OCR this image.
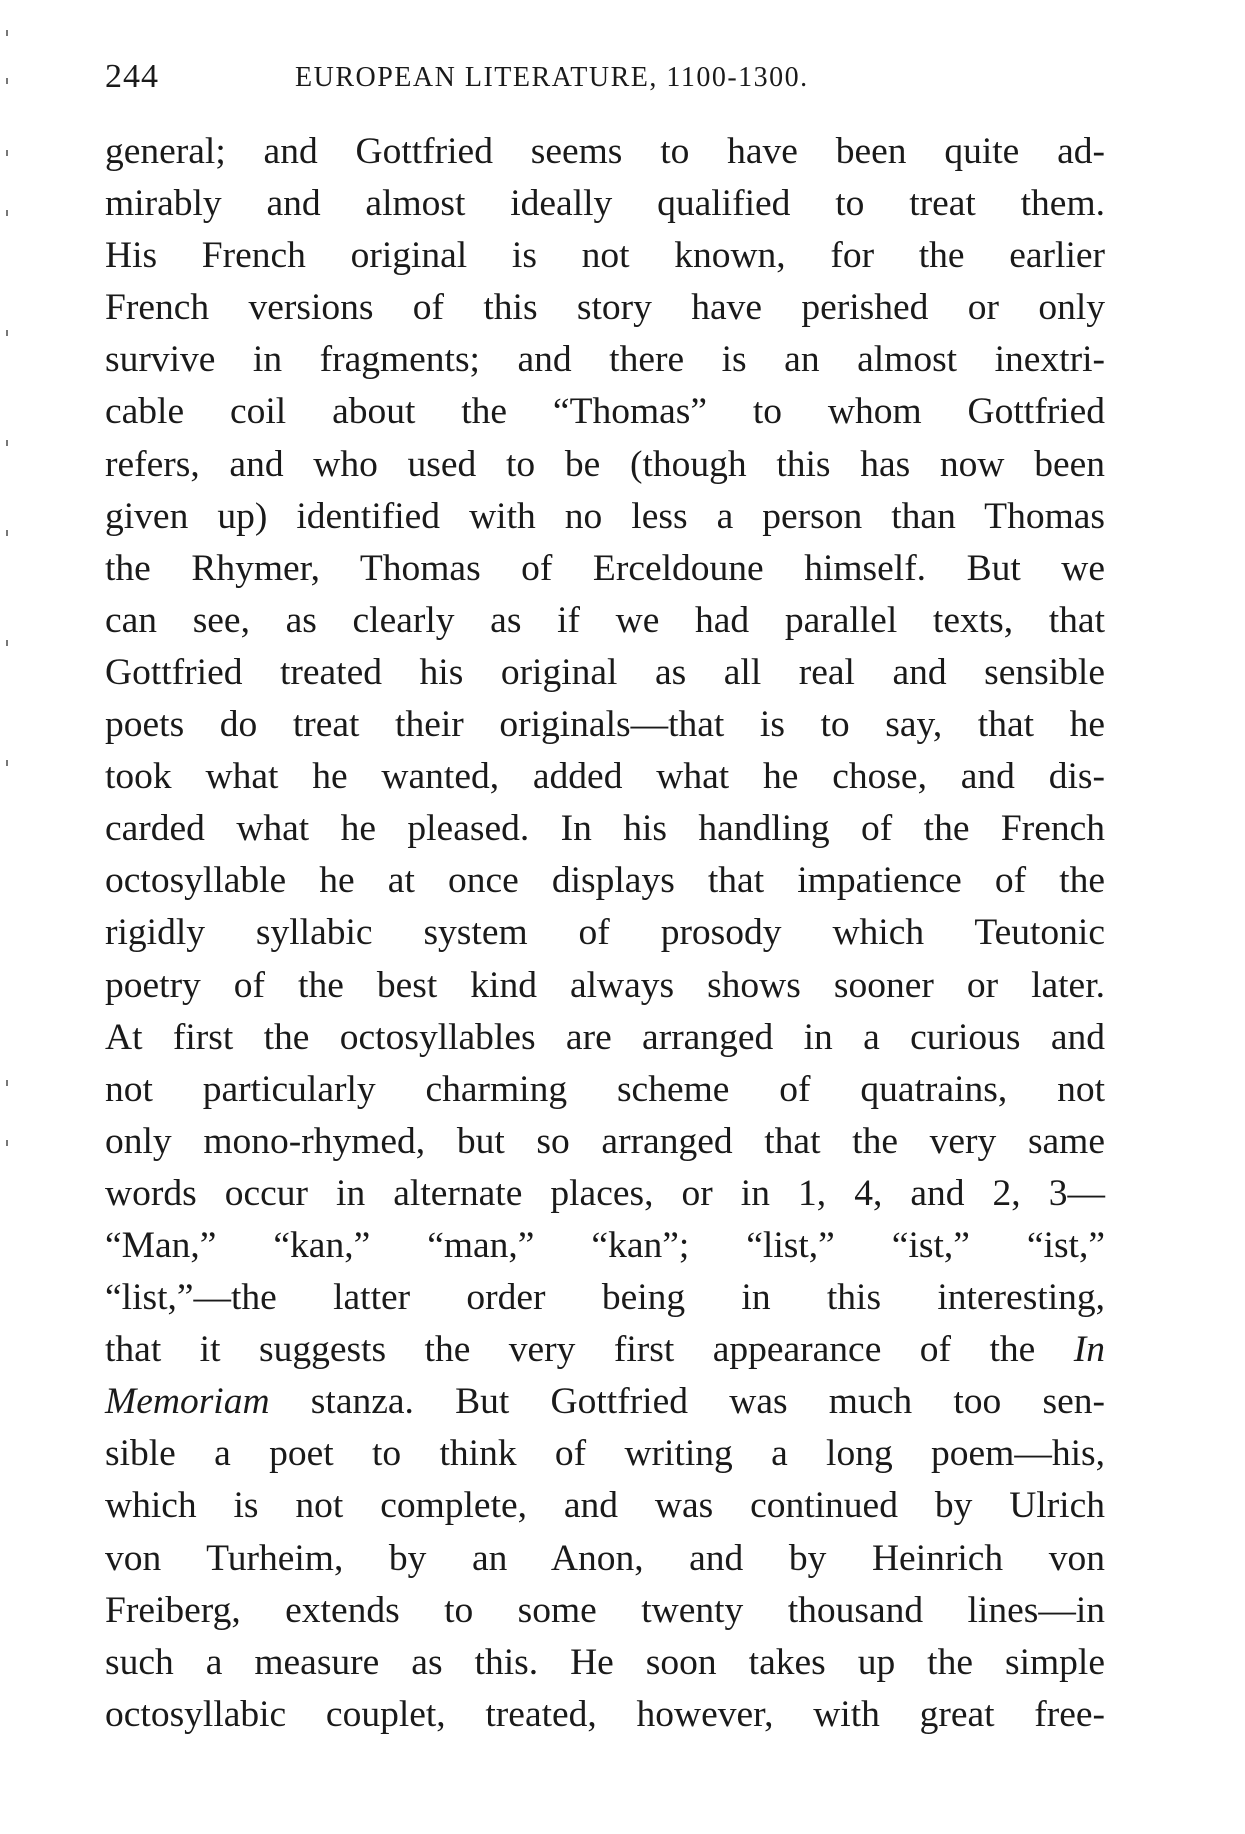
244	EUROPEAN LITERATURE, 1100-1300.
general; and Gottfried seems to have been quite ad-
mirably and almost ideally qualified to treat them.
His French original is not known, for the earlier
French versions of this story have perished or only
survive in fragments; and there is an almost inextri-
cable coil about the “Thomas” to whom Gottfried
refers, and who used to be (though this has now been
given up) identified with no less a person than Thomas
the Rhymer, Thomas of Erceldoune himself. But we
can see, as clearly as if we had parallel texts, that
Gottfried treated his original as all real and sensible
poets do treat their originals—that is to say, that he
took what he wanted, added what he chose, and dis-
carded what he pleased. In his handling of the French
octosyllable he at once displays that impatience of the
rigidly syllabic system of prosody which Teutonic
poetry of the best kind always shows sooner or later.
At first the octosyllables are arranged in a curious and
not particularly charming scheme of quatrains, not
only mono-rhymed, but so arranged that the very same
words occur in alternate places, or in 1, 4, and 2, 3—
“Man,” “kan,” “man,” “kan”; “list,” “ist,” “ist,”
“list,”—the latter order being in this interesting,
that it suggests the very first appearance of the In
Memoriam stanza. But Gottfried was much too sen-
sible a poet to think of writing a long poem—his,
which is not complete, and was continued by Ulrich
von Turheim, by an Anon, and by Heinrich von
Freiberg, extends to some twenty thousand lines—in
such a measure as this. He soon takes up the simple
octosyllabic couplet, treated, however, with great free-
